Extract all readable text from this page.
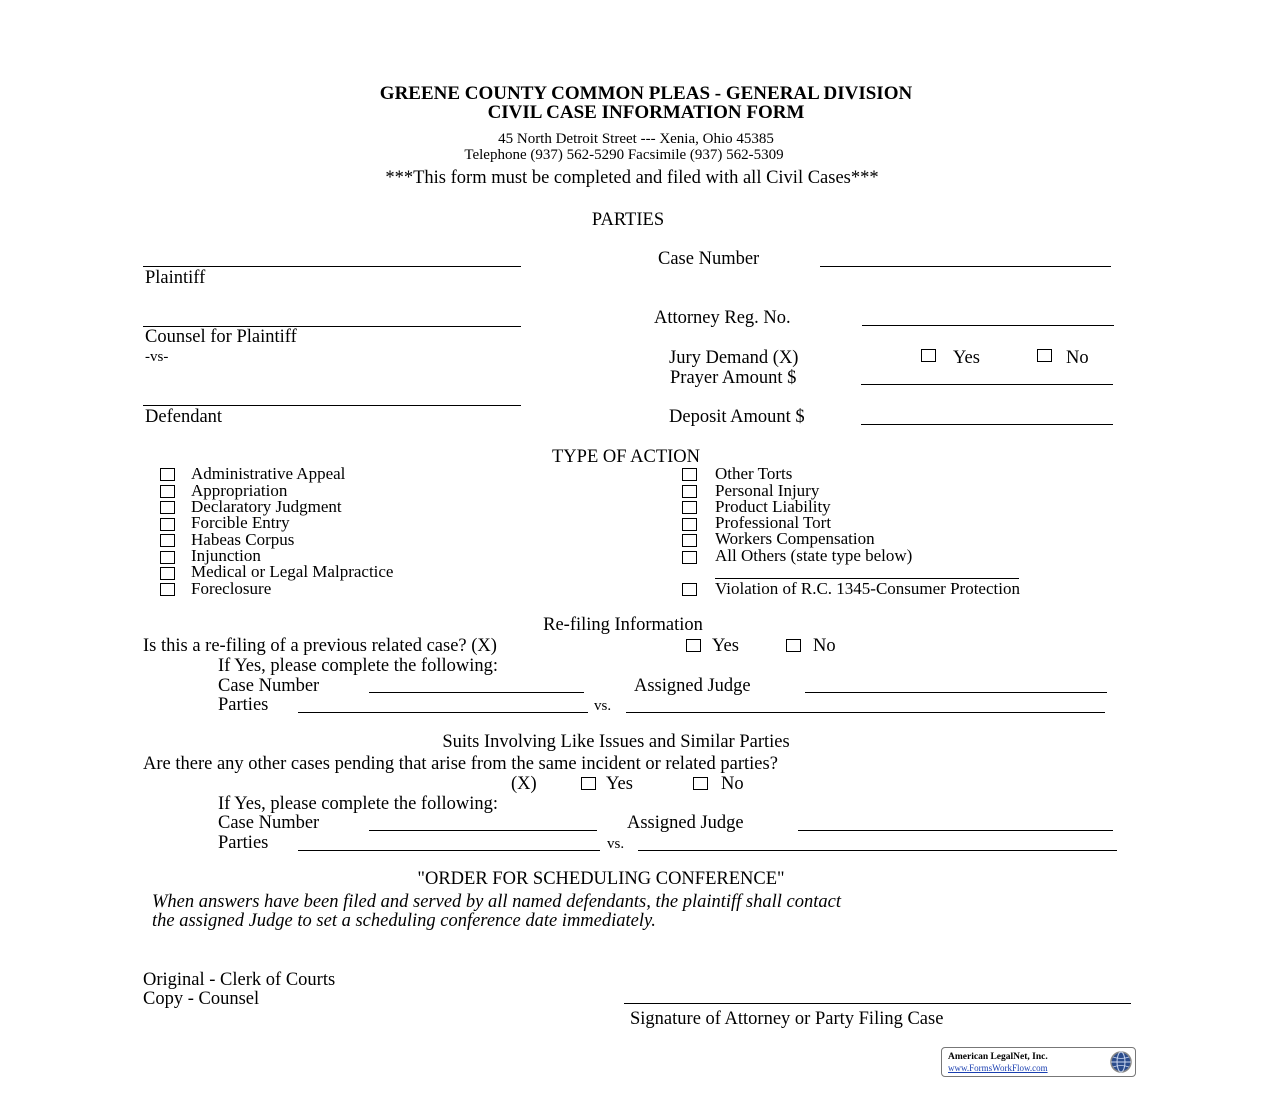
GREENE COUNTY COMMON PLEAS - GENERAL DIVISION
CIVIL CASE INFORMATION FORM
45 North Detroit Street --- Xenia, Ohio 45385
Telephone (937) 562-5290 Facsimile (937) 562-5309
***This form must be completed and filed with all Civil Cases***
PARTIES
Plaintiff
Counsel for Plaintiff
-vs-
Defendant
Case Number
Attorney Reg. No.
Jury Demand (X)	Yes	No
Prayer Amount $
Deposit Amount $
TYPE OF ACTION
Administrative Appeal
Appropriation
Declaratory Judgment
Forcible Entry
Habeas Corpus
Injunction
Medical or Legal Malpractice
Foreclosure
Other Torts
Personal Injury
Product Liability
Professional Tort
Workers Compensation
All Others (state type below)
Violation of R.C. 1345-Consumer Protection
Re-filing Information
Is this a re-filing of a previous related case? (X)	Yes	No
If Yes, please complete the following:
Case Number	Assigned Judge
Parties	vs.
Suits Involving Like Issues and Similar Parties
Are there any other cases pending that arise from the same incident or related parties?
(X)	Yes	No
If Yes, please complete the following:
Case Number	Assigned Judge
Parties	vs.
"ORDER FOR SCHEDULING CONFERENCE"
When answers have been filed and served by all named defendants, the plaintiff shall contact
the assigned Judge to set a scheduling conference date immediately.
Original - Clerk of Courts
Copy - Counsel
Signature of Attorney or Party Filing Case
American LegalNet, Inc.
www.FormsWorkFlow.com
